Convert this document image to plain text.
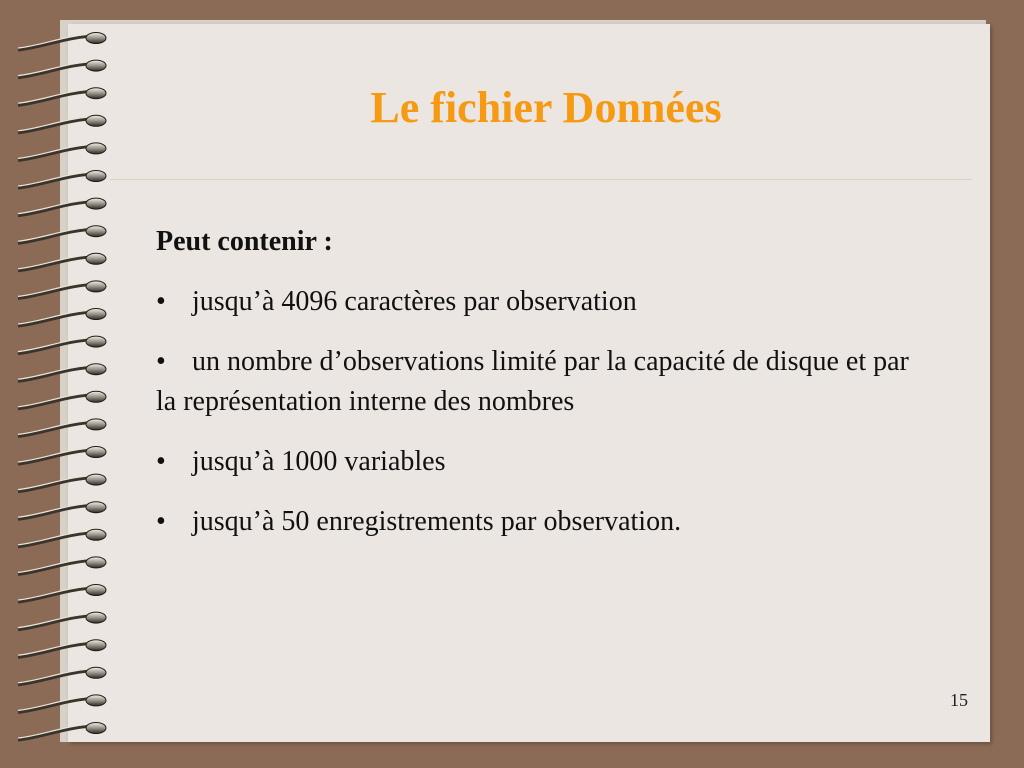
Le fichier Données

Peut contenir :

• jusqu’à 4096 caractères par observation

• un nombre d’observations limité par la capacité de disque et par la représentation interne des nombres

• jusqu’à 1000 variables

• jusqu’à 50 enregistrements par observation.

15
